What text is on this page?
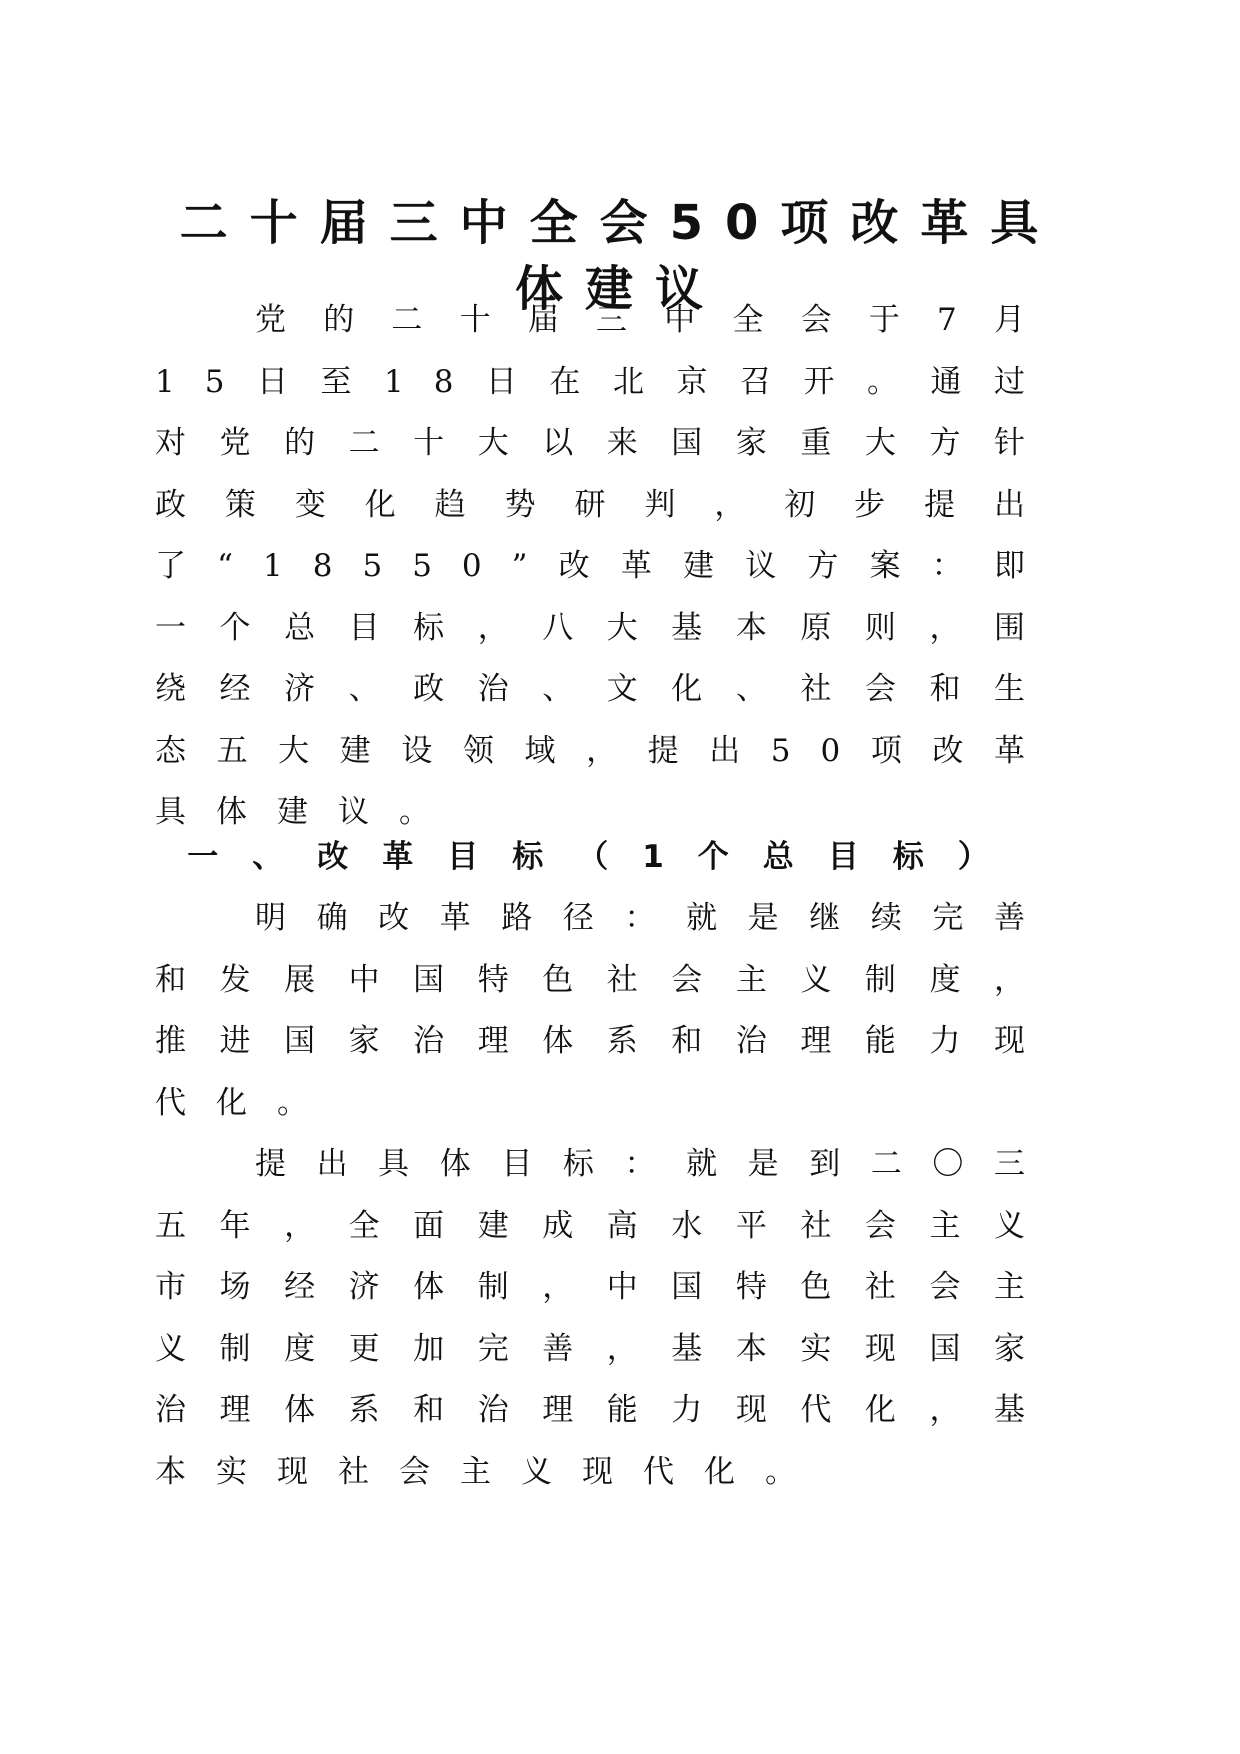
二十届三中全会50项改革具体建议

党的二十届三中全会于7月15日至18日在北京召开。通过对党的二十大以来国家重大方针政策变化趋势研判，初步提出了“18550”改革建议方案：即一个总目标，八大基本原则，围绕经济、政治、文化、社会和生态五大建设领域，提出50项改革具体建议。

一、改革目标（1个总目标）

明确改革路径：就是继续完善和发展中国特色社会主义制度，推进国家治理体系和治理能力现代化。

提出具体目标：就是到二〇三五年，全面建成高水平社会主义市场经济体制，中国特色社会主义制度更加完善，基本实现国家治理体系和治理能力现代化，基本实现社会主义现代化。
